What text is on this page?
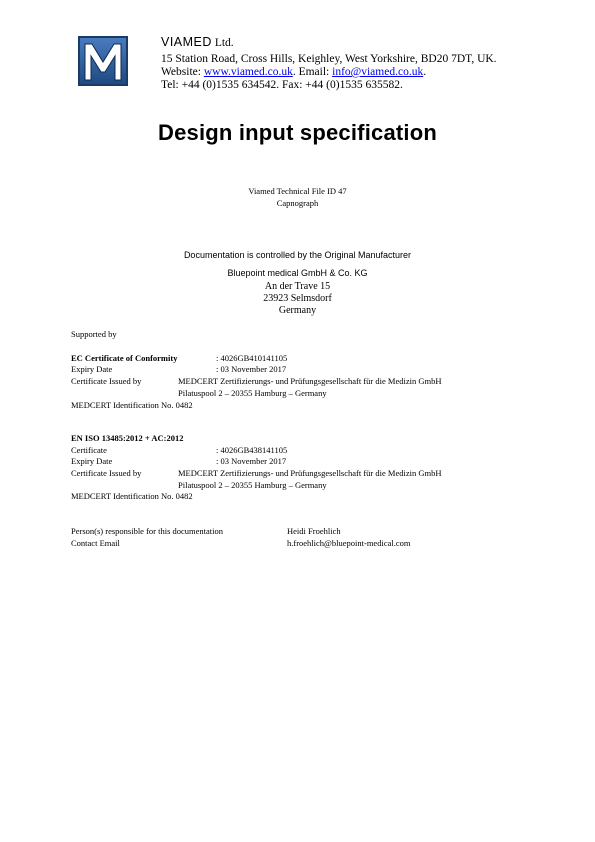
VIAMED Ltd.
15 Station Road, Cross Hills, Keighley, West Yorkshire, BD20 7DT, UK.
Website: www.viamed.co.uk. Email: info@viamed.co.uk.
Tel: +44 (0)1535 634542. Fax: +44 (0)1535 635582.
Design input specification
Viamed Technical File ID 47
Capnograph
Documentation is controlled by the Original Manufacturer
Bluepoint medical GmbH & Co. KG
An der Trave 15
23923 Selmsdorf
Germany
Supported by
EC Certificate of Conformity	: 4026GB410141105
Expiry Date	: 03 November 2017
Certificate Issued by	MEDCERT Zertifizierungs- und Prüfungsgesellschaft für die Medizin GmbH
Pilatuspool 2 – 20355 Hamburg – Germany
MEDCERT Identification No. 0482
EN ISO 13485:2012 + AC:2012
Certificate	: 4026GB438141105
Expiry Date	: 03 November 2017
Certificate Issued by	MEDCERT Zertifizierungs- und Prüfungsgesellschaft für die Medizin GmbH
Pilatuspool 2 – 20355 Hamburg – Germany
MEDCERT Identification No. 0482
Person(s) responsible for this documentation	Heidi Froehlich
Contact Email	h.froehlich@bluepoint-medical.com
